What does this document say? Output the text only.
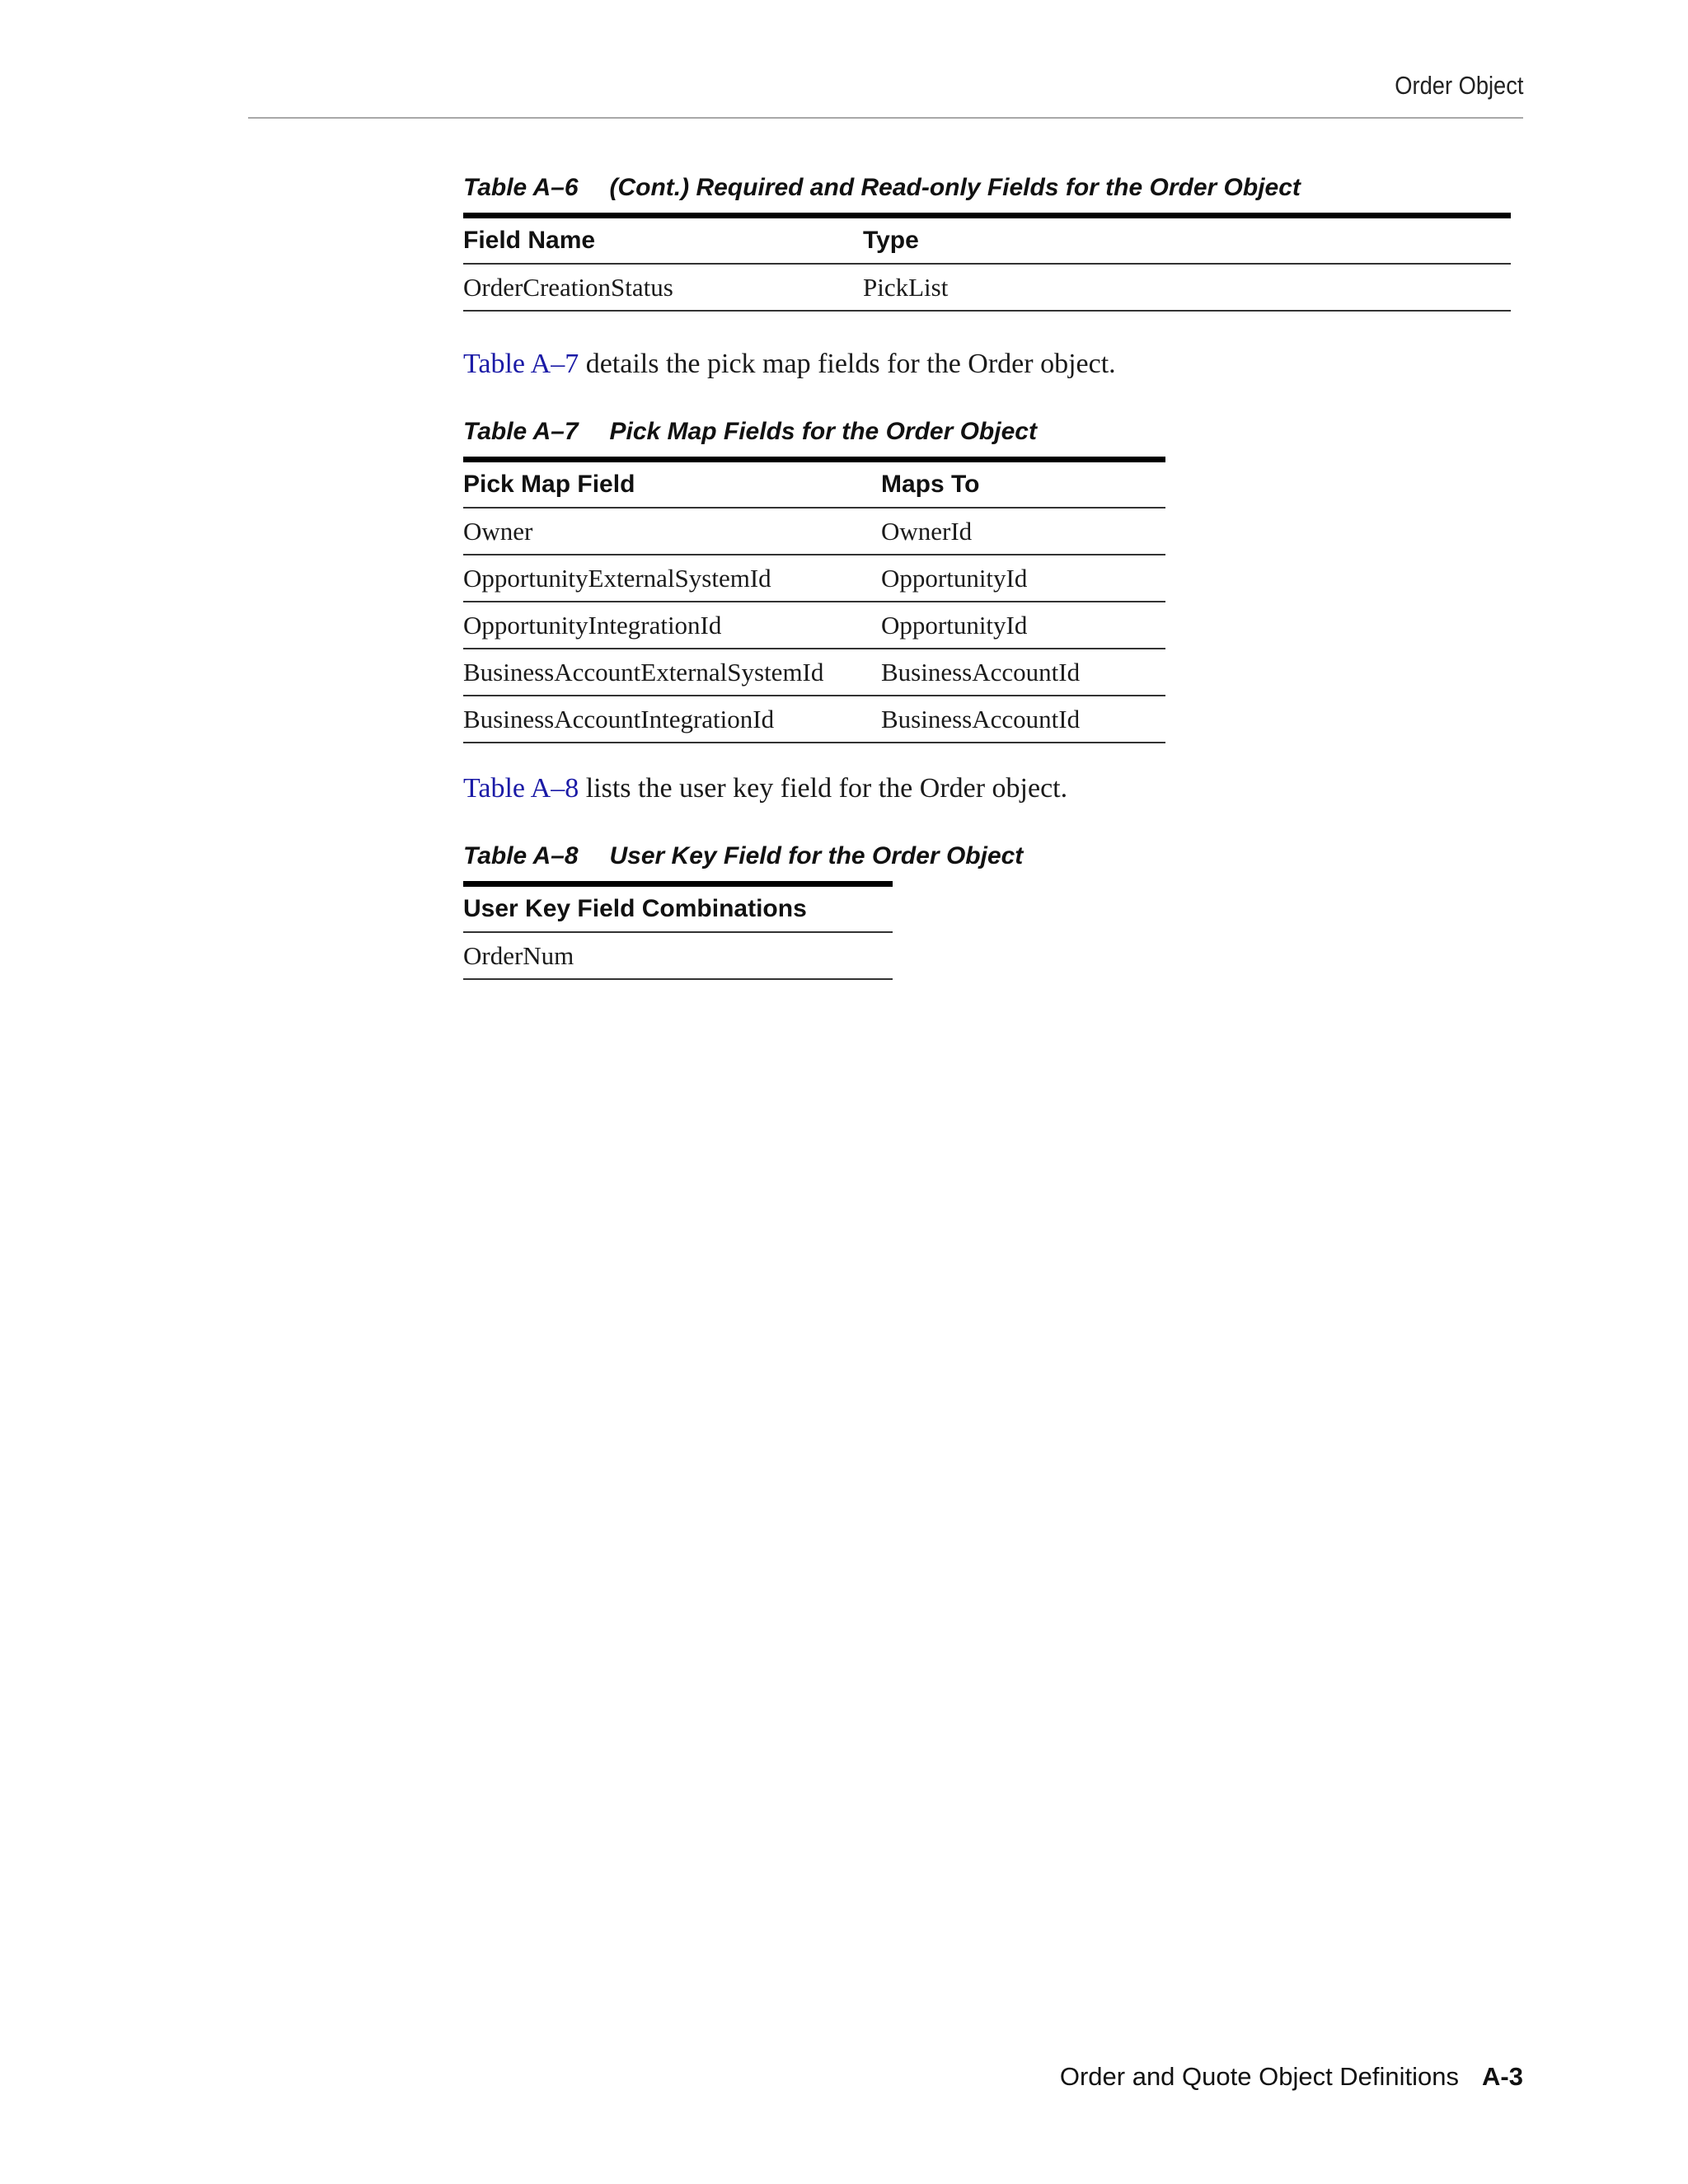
Order Object
Table A–6 (Cont.) Required and Read-only Fields for the Order Object
Field Name	Type
OrderCreationStatus	PickList
Table A–7 details the pick map fields for the Order object.
Table A–7 Pick Map Fields for the Order Object
Pick Map Field	Maps To
Owner	OwnerId
OpportunityExternalSystemId	OpportunityId
OpportunityIntegrationId	OpportunityId
BusinessAccountExternalSystemId	BusinessAccountId
BusinessAccountIntegrationId	BusinessAccountId
Table A–8 lists the user key field for the Order object.
Table A–8 User Key Field for the Order Object
User Key Field Combinations
OrderNum
Order and Quote Object Definitions A-3
